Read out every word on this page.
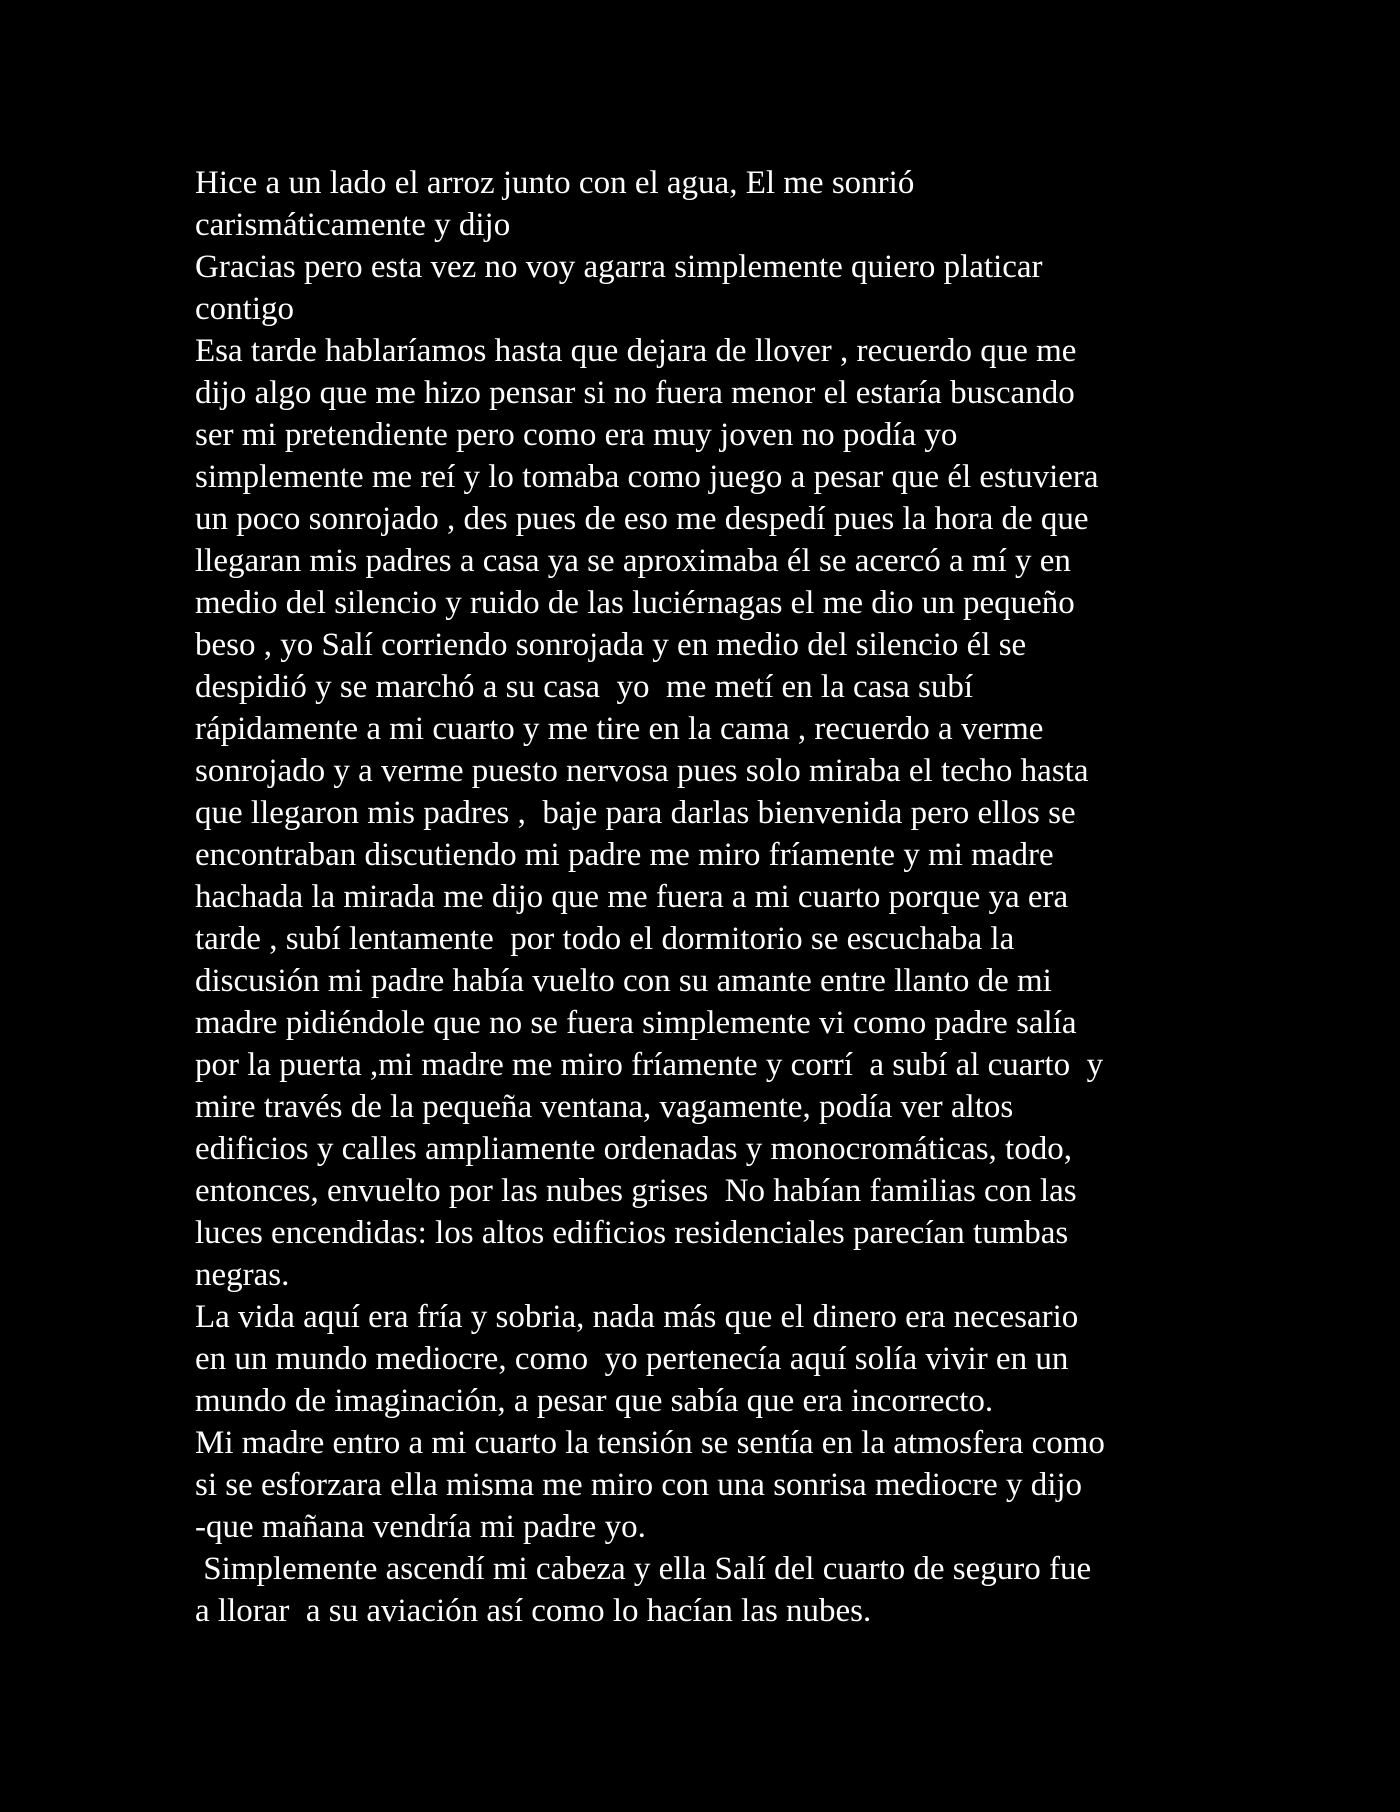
Hice a un lado el arroz junto con el agua, El me sonrió
carismáticamente y dijo
Gracias pero esta vez no voy agarra simplemente quiero platicar
contigo
Esa tarde hablaríamos hasta que dejara de llover , recuerdo que me
dijo algo que me hizo pensar si no fuera menor el estaría buscando
ser mi pretendiente pero como era muy joven no podía yo
simplemente me reí y lo tomaba como juego a pesar que él estuviera
un poco sonrojado , des pues de eso me despedí pues la hora de que
llegaran mis padres a casa ya se aproximaba él se acercó a mí y en
medio del silencio y ruido de las luciérnagas el me dio un pequeño
beso , yo Salí corriendo sonrojada y en medio del silencio él se
despidió y se marchó a su casa  yo  me metí en la casa subí
rápidamente a mi cuarto y me tire en la cama , recuerdo a verme
sonrojado y a verme puesto nervosa pues solo miraba el techo hasta
que llegaron mis padres ,  baje para darlas bienvenida pero ellos se
encontraban discutiendo mi padre me miro fríamente y mi madre
hachada la mirada me dijo que me fuera a mi cuarto porque ya era
tarde , subí lentamente  por todo el dormitorio se escuchaba la
discusión mi padre había vuelto con su amante entre llanto de mi
madre pidiéndole que no se fuera simplemente vi como padre salía
por la puerta ,mi madre me miro fríamente y corrí  a subí al cuarto  y
mire través de la pequeña ventana, vagamente, podía ver altos
edificios y calles ampliamente ordenadas y monocromáticas, todo,
entonces, envuelto por las nubes grises  No habían familias con las
luces encendidas: los altos edificios residenciales parecían tumbas
negras.
La vida aquí era fría y sobria, nada más que el dinero era necesario
en un mundo mediocre, como  yo pertenecía aquí solía vivir en un
mundo de imaginación, a pesar que sabía que era incorrecto.
Mi madre entro a mi cuarto la tensión se sentía en la atmosfera como
si se esforzara ella misma me miro con una sonrisa mediocre y dijo
-que mañana vendría mi padre yo.
Simplemente ascendí mi cabeza y ella Salí del cuarto de seguro fue
a llorar  a su aviación así como lo hacían las nubes.
